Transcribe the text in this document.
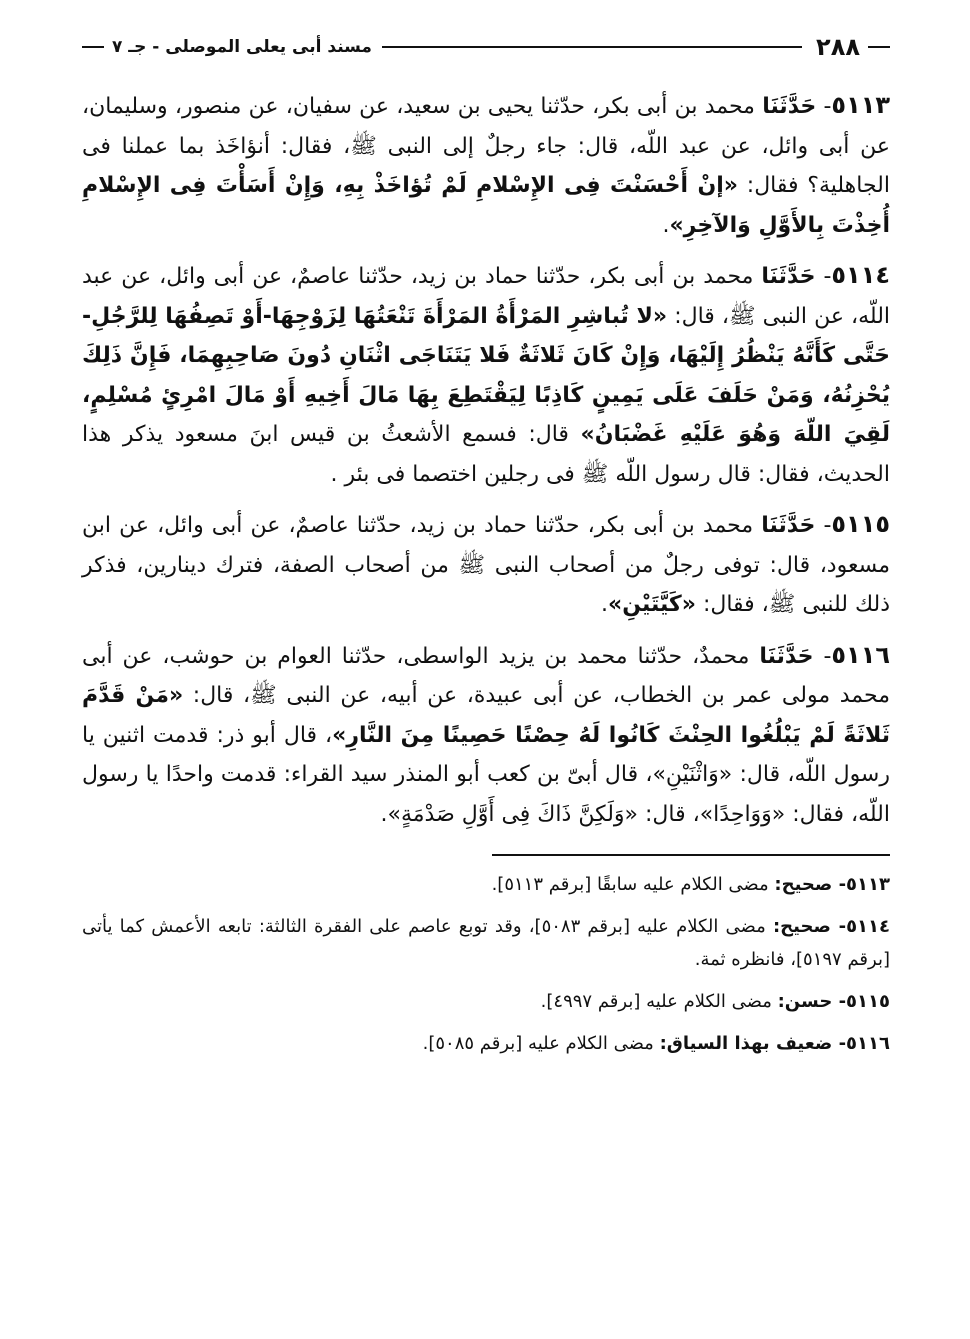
٢٨٨
مسند أبى يعلى الموصلى - جـ ٧

٥١١٣- حَدَّثَنَا محمد بن أبى بكر، حدّثنا يحيى بن سعيد، عن سفيان، عن منصور، وسليمان، عن أبى وائل، عن عبد اللّه، قال: جاء رجلٌ إلى النبى ﷺ، فقال: أنؤاخَذ بما عملنا فى الجاهلية؟ فقال: «إنْ أَحْسَنْتَ فِى الإِسْلامِ لَمْ تُؤاخَذْ بِهِ، وَإِنْ أَسَأْتَ فِى الإِسْلامِ أُخِذْتَ بِالأَوَّلِ وَالآخِرِ».

٥١١٤- حَدَّثَنَا محمد بن أبى بكر، حدّثنا حماد بن زيد، حدّثنا عاصمٌ، عن أبى وائل، عن عبد اللّه، عن النبى ﷺ، قال: «لا تُباشِرِ المَرْأَةُ المَرْأَةَ تَنْعَتُهَا لِزَوْجِهَا-أَوْ تَصِفُهَا لِلرَّجُلِ- حَتَّى كَأَنَّهُ يَنْظُرُ إِلَيْهَا، وَإِنْ كَانَ ثَلاثَةٌ فَلا يَتَنَاجَى اثْنَانِ دُونَ صَاحِبِهِمَا، فَإِنَّ ذَلِكَ يُحْزِنُهُ، وَمَنْ حَلَفَ عَلَى يَمِينٍ كَاذِبًا لِيَقْتَطِعَ بِهَا مَالَ أَخِيهِ أَوْ مَالَ امْرِئٍ مُسْلِمٍ، لَقِيَ اللّهَ وَهُوَ عَلَيْهِ غَضْبَانُ» قال: فسمع الأشعثُ بن قيس ابنَ مسعود يذكر هذا الحديث، فقال: قال رسول اللّه ﷺ فى رجلين اختصما فى بئر .

٥١١٥- حَدَّثَنَا محمد بن أبى بكر، حدّثنا حماد بن زيد، حدّثنا عاصمٌ، عن أبى وائل، عن ابن مسعود، قال: توفى رجلٌ من أصحاب النبى ﷺ من أصحاب الصفة، فترك دينارين، فذكر ذلك للنبى ﷺ، فقال: «كَيَّتَيْنِ».

٥١١٦- حَدَّثَنَا محمدٌ، حدّثنا محمد بن يزيد الواسطى، حدّثنا العوام بن حوشب، عن أبى محمد مولى عمر بن الخطاب، عن أبى عبيدة، عن أبيه، عن النبى ﷺ، قال: «مَنْ قَدَّمَ ثَلاثَةً لَمْ يَبْلُغُوا الحِنْثَ كَانُوا لَهُ حِصْنًا حَصِينًا مِنَ النَّارِ»، قال أبو ذر: قدمت اثنين يا رسول اللّه، قال: «وَاثْنَيْنِ»، قال أبىّ بن كعب أبو المنذر سيد القراء: قدمت واحدًا يا رسول اللّه، فقال: «وَوَاحِدًا»، قال: «وَلَكِنَّ ذَاكَ فِى أَوَّلِ صَدْمَةٍ».

٥١١٣- صحيح: مضى الكلام عليه سابقًا [برقم ٥١١٣].

٥١١٤- صحيح: مضى الكلام عليه [برقم ٥٠٨٣]، وقد توبع عاصم على الفقرة الثالثة: تابعه الأعمش كما يأتى [برقم ٥١٩٧]، فانظره ثمة.

٥١١٥- حسن: مضى الكلام عليه [برقم ٤٩٩٧].

٥١١٦- ضعيف بهذا السياق: مضى الكلام عليه [برقم ٥٠٨٥].
